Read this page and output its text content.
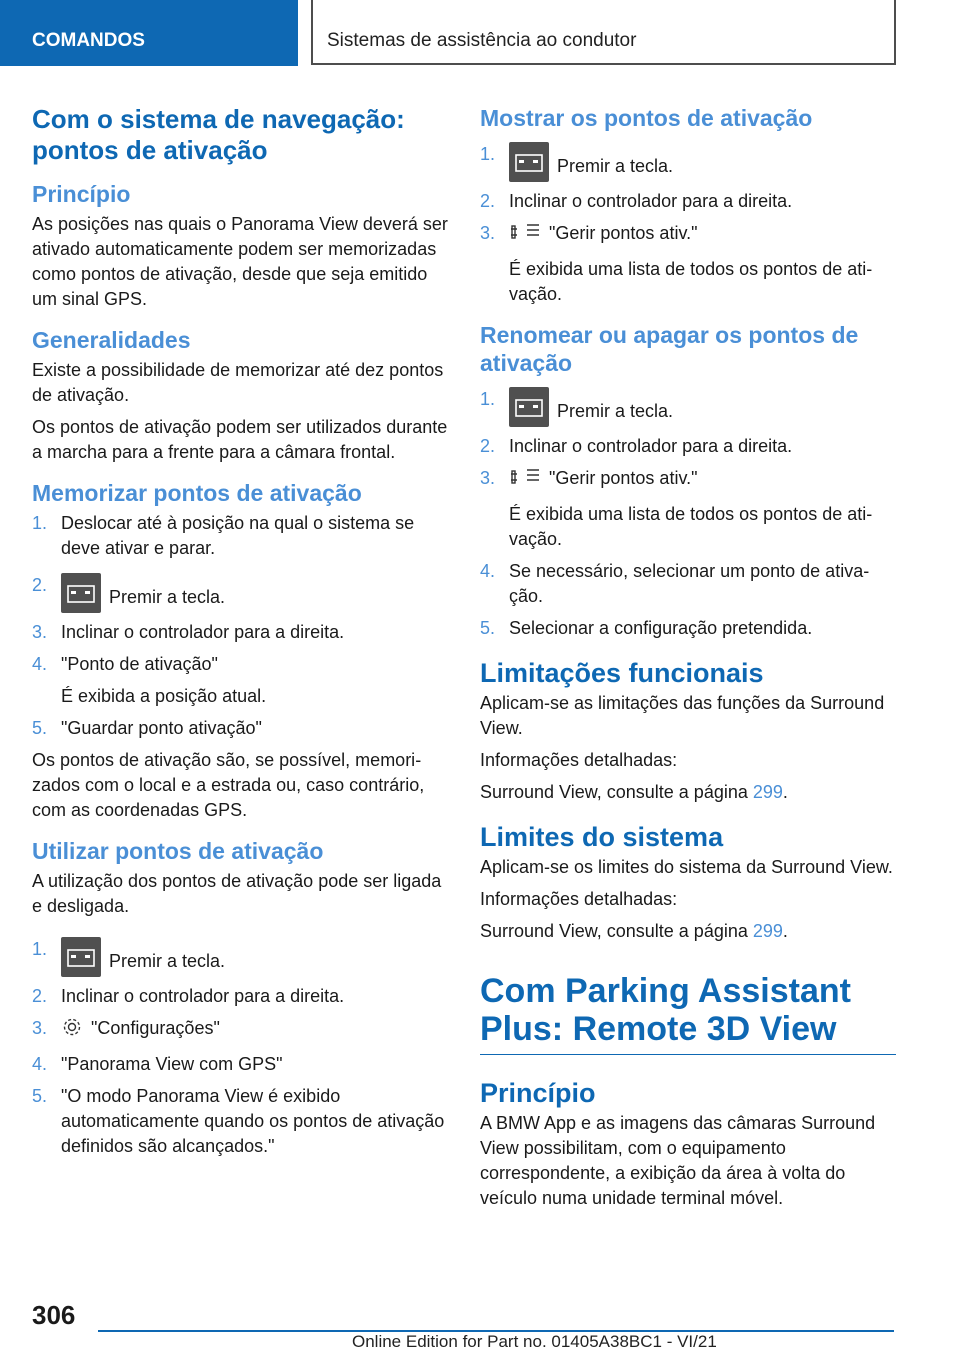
COMANDOS	Sistemas de assistência ao condutor
Com o sistema de navegação: pontos de ativação
Princípio

As posições nas quais o Panorama View deverá ser ativado automaticamente podem ser memorizadas como pontos de ativação, desde que seja emitido um sinal GPS.

Generalidades

Existe a possibilidade de memorizar até dez pontos de ativação.

Os pontos de ativação podem ser utilizados durante a marcha para a frente para a câmara frontal.

Memorizar pontos de ativação
1. Deslocar até à posição na qual o sistema se deve ativar e parar.
2.
Premir a tecla.
3. Inclinar o controlador para a direita.
4. "Ponto de ativação"
É exibida a posição atual.
5. "Guardar ponto ativação"

Os pontos de ativação são, se possível, memorizados com o local e a estrada ou, caso contrário, com as coordenadas GPS.

Utilizar pontos de ativação

A utilização dos pontos de ativação pode ser ligada e desligada.

1.
Premir a tecla.
2. Inclinar o controlador para a direita.
3. "Configurações"
4. "Panorama View com GPS"
5. "O modo Panorama View é exibido automaticamente quando os pontos de ativação definidos são alcançados."
Mostrar os pontos de ativação
1.
Premir a tecla.
2. Inclinar o controlador para a direita.
3.	"Gerir pontos ativ."
É exibida uma lista de todos os pontos de ativação.
Renomear ou apagar os pontos de ativação
1.
Premir a tecla.
2. Inclinar o controlador para a direita.
3.	"Gerir pontos ativ."
É exibida uma lista de todos os pontos de ativação.
4. Se necessário, selecionar um ponto de ativação.
5. Selecionar a configuração pretendida.
Limitações funcionais

Aplicam-se as limitações das funções da Surround View.

Informações detalhadas:

Surround View, consulte a página 299.

Limites do sistema

Aplicam-se os limites do sistema da Surround View.

Informações detalhadas:

Surround View, consulte a página 299.

Com Parking Assistant Plus: Remote 3D View
Princípio

A BMW App e as imagens das câmaras Surround View possibilitam, com o equipamento correspondente, a exibição da área à volta do veículo numa unidade terminal móvel.

306
Online Edition for Part no. 01405A38BC1 - VI/21
